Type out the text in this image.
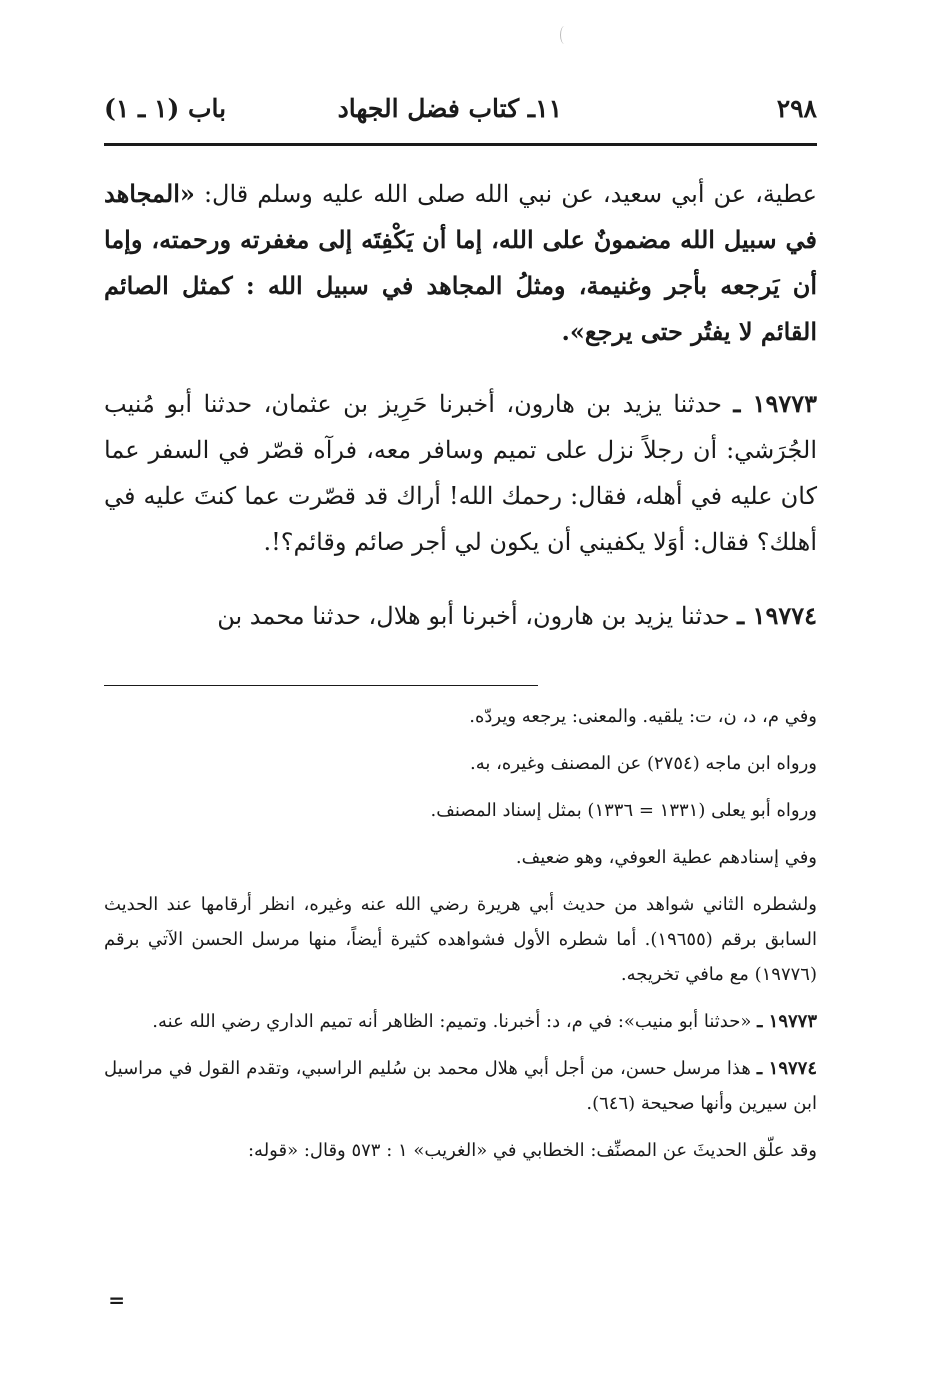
٢٩٨
١١ـ كتاب فضل الجهاد
باب (١ ـ ١)

عطية، عن أبي سعيد، عن نبي الله صلى الله عليه وسلم قال: «المجاهد في سبيل الله مضمونٌ على الله، إما أن يَكْفِتَه إلى مغفرته ورحمته، وإما أن يَرجعه بأجر وغنيمة، ومثلُ المجاهد في سبيل الله : كمثل الصائم القائم لا يفتُر حتى يرجع».

١٩٧٧٣ ـ حدثنا يزيد بن هارون، أخبرنا حَرِيز بن عثمان، حدثنا أبو مُنيب الجُرَشي: أن رجلاً نزل على تميم وسافر معه، فرآه قصّر في السفر عما كان عليه في أهله، فقال: رحمك الله! أراك قد قصّرت عما كنتَ عليه في أهلك؟ فقال: أوَلا يكفيني أن يكون لي أجر صائم وقائم؟!.

١٩٧٧٤ ـ حدثنا يزيد بن هارون، أخبرنا أبو هلال، حدثنا محمد بن

وفي م، د، ن، ت: يلقيه. والمعنى: يرجعه ويردّه.

ورواه ابن ماجه (٢٧٥٤) عن المصنف وغيره، به.

ورواه أبو يعلى (١٣٣١ = ١٣٣٦) بمثل إسناد المصنف.

وفي إسنادهم عطية العوفي، وهو ضعيف.

ولشطره الثاني شواهد من حديث أبي هريرة رضي الله عنه وغيره، انظر أرقامها عند الحديث السابق برقم (١٩٦٥٥). أما شطره الأول فشواهده كثيرة أيضاً، منها مرسل الحسن الآتي برقم (١٩٧٧٦) مع مافي تخريجه.

١٩٧٧٣ ـ «حدثنا أبو منيب»: في م، د: أخبرنا. وتميم: الظاهر أنه تميم الداري رضي الله عنه.

١٩٧٧٤ ـ هذا مرسل حسن، من أجل أبي هلال محمد بن سُليم الراسبي، وتقدم القول في مراسيل ابن سيرين وأنها صحيحة (٦٤٦).

وقد علّق الحديثَ عن المصنِّف: الخطابي في «الغريب» ١ : ٥٧٣ وقال: «قوله:

=
